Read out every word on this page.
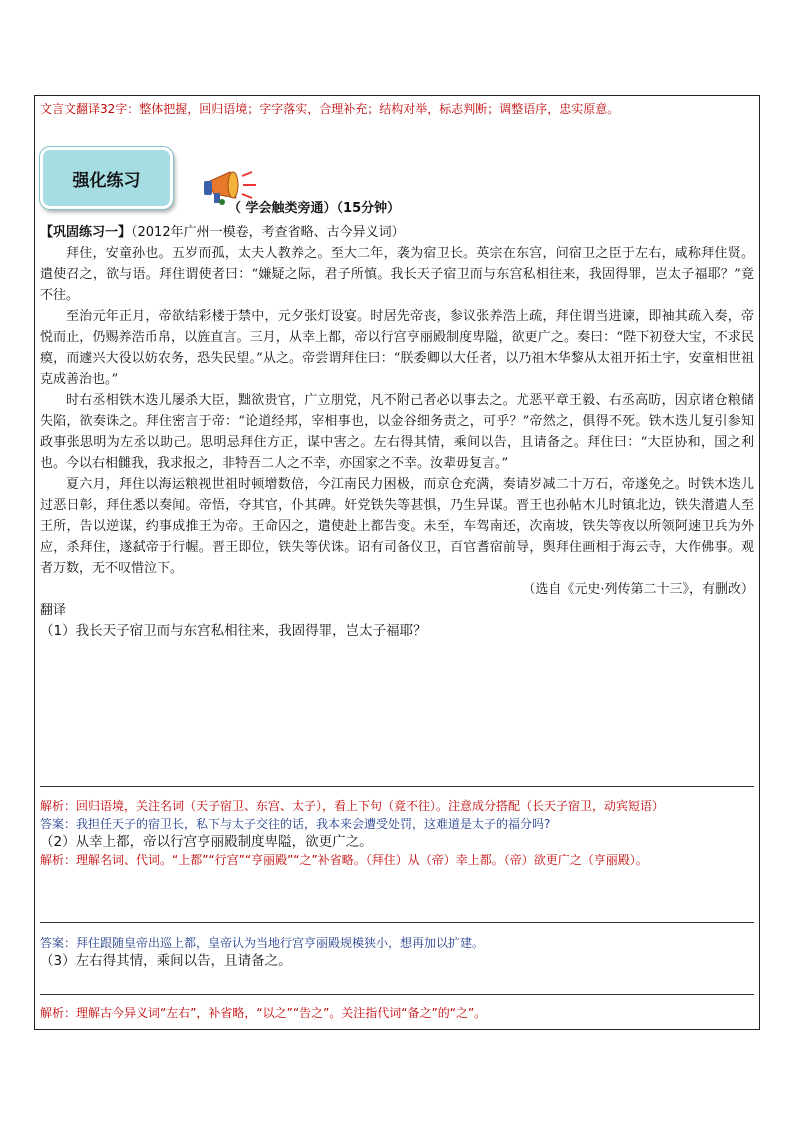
文言文翻译32字：整体把握，回归语境；字字落实，合理补充；结构对举，标志判断；调整语序，忠实原意。
强化练习
（ 学会触类旁通）（15分钟）

【巩固练习一】（2012年广州一模卷，考查省略、古今异义词）

拜住，安童孙也。五岁而孤，太夫人教养之。至大二年，袭为宿卫长。英宗在东宫，问宿卫之臣于左右，咸称拜住贤。遣使召之，欲与语。拜住谓使者曰：“嫌疑之际，君子所慎。我长天子宿卫而与东宫私相往来，我固得罪，岂太子福耶？”竟不往。

至治元年正月，帝欲结彩楼于禁中，元夕张灯设宴。时居先帝丧，参议张养浩上疏，拜住谓当进谏，即袖其疏入奏，帝悦而止，仍赐养浩币帛，以旌直言。三月，从幸上都，帝以行宫亨丽殿制度卑隘，欲更广之。奏曰：“陛下初登大宝，不求民瘼，而遽兴大役以妨农务，恐失民望。”从之。帝尝谓拜住曰：“朕委卿以大任者，以乃祖木华黎从太祖开拓土宇，安童相世祖克成善治也。”

时右丞相铁木迭儿屡杀大臣，黜欲贵官，广立朋党，凡不附己者必以事去之。尤恶平章王毅、右丞高昉，因京诸仓粮储失陷，欲奏诛之。拜住密言于帝：“论道经邦，宰相事也，以金谷细务责之，可乎？”帝然之，俱得不死。铁木迭儿复引参知政事张思明为左丞以助己。思明忌拜住方正，谋中害之。左右得其情，乘间以告，且请备之。拜住曰：“大臣协和，国之利也。今以右相雠我，我求报之，非特吾二人之不幸，亦国家之不幸。汝辈毋复言。”

夏六月，拜住以海运粮视世祖时顿增数倍，今江南民力困极，而京仓充满，奏请岁减二十万石，帝遂免之。时铁木迭儿过恶日彰，拜住悉以奏闻。帝悟，夺其官，仆其碑。奸党铁失等甚惧，乃生异谋。晋王也孙帖木儿时镇北边，铁失潜遣人至王所，告以逆谋，约事成推王为帝。王命囚之，遣使赴上都告变。未至，车驾南还，次南坡，铁失等夜以所领阿速卫兵为外应，杀拜住，遂弑帝于行幄。晋王即位，铁失等伏诛。诏有司备仪卫，百官耆宿前导，舆拜住画相于海云寺，大作佛事。观者万数，无不叹惜泣下。

（选自《元史·列传第二十三》，有删改）

翻译

（1）我长天子宿卫而与东宫私相往来，我固得罪，岂太子福耶？

解析：回归语境，关注名词（天子宿卫、东宫、太子），看上下句（竟不往）。注意成分搭配（长天子宿卫，动宾短语）
答案：我担任天子的宿卫长，私下与太子交往的话，我本来会遭受处罚，这难道是太子的福分吗?
（2）从幸上都，帝以行宫亨丽殿制度卑隘，欲更广之。
解析：理解名词、代词。“上都”“行宫”“亨丽殿”“之”补省略。（拜住）从（帝）幸上都。（帝）欲更广之（亨丽殿）。
答案：拜住跟随皇帝出巡上都，皇帝认为当地行宫亨丽殿规模狭小，想再加以扩建。
（3）左右得其情，乘间以告，且请备之。
解析：理解古今异义词“左右”，补省略，“以之”“告之”。关注指代词“备之”的“之”。
